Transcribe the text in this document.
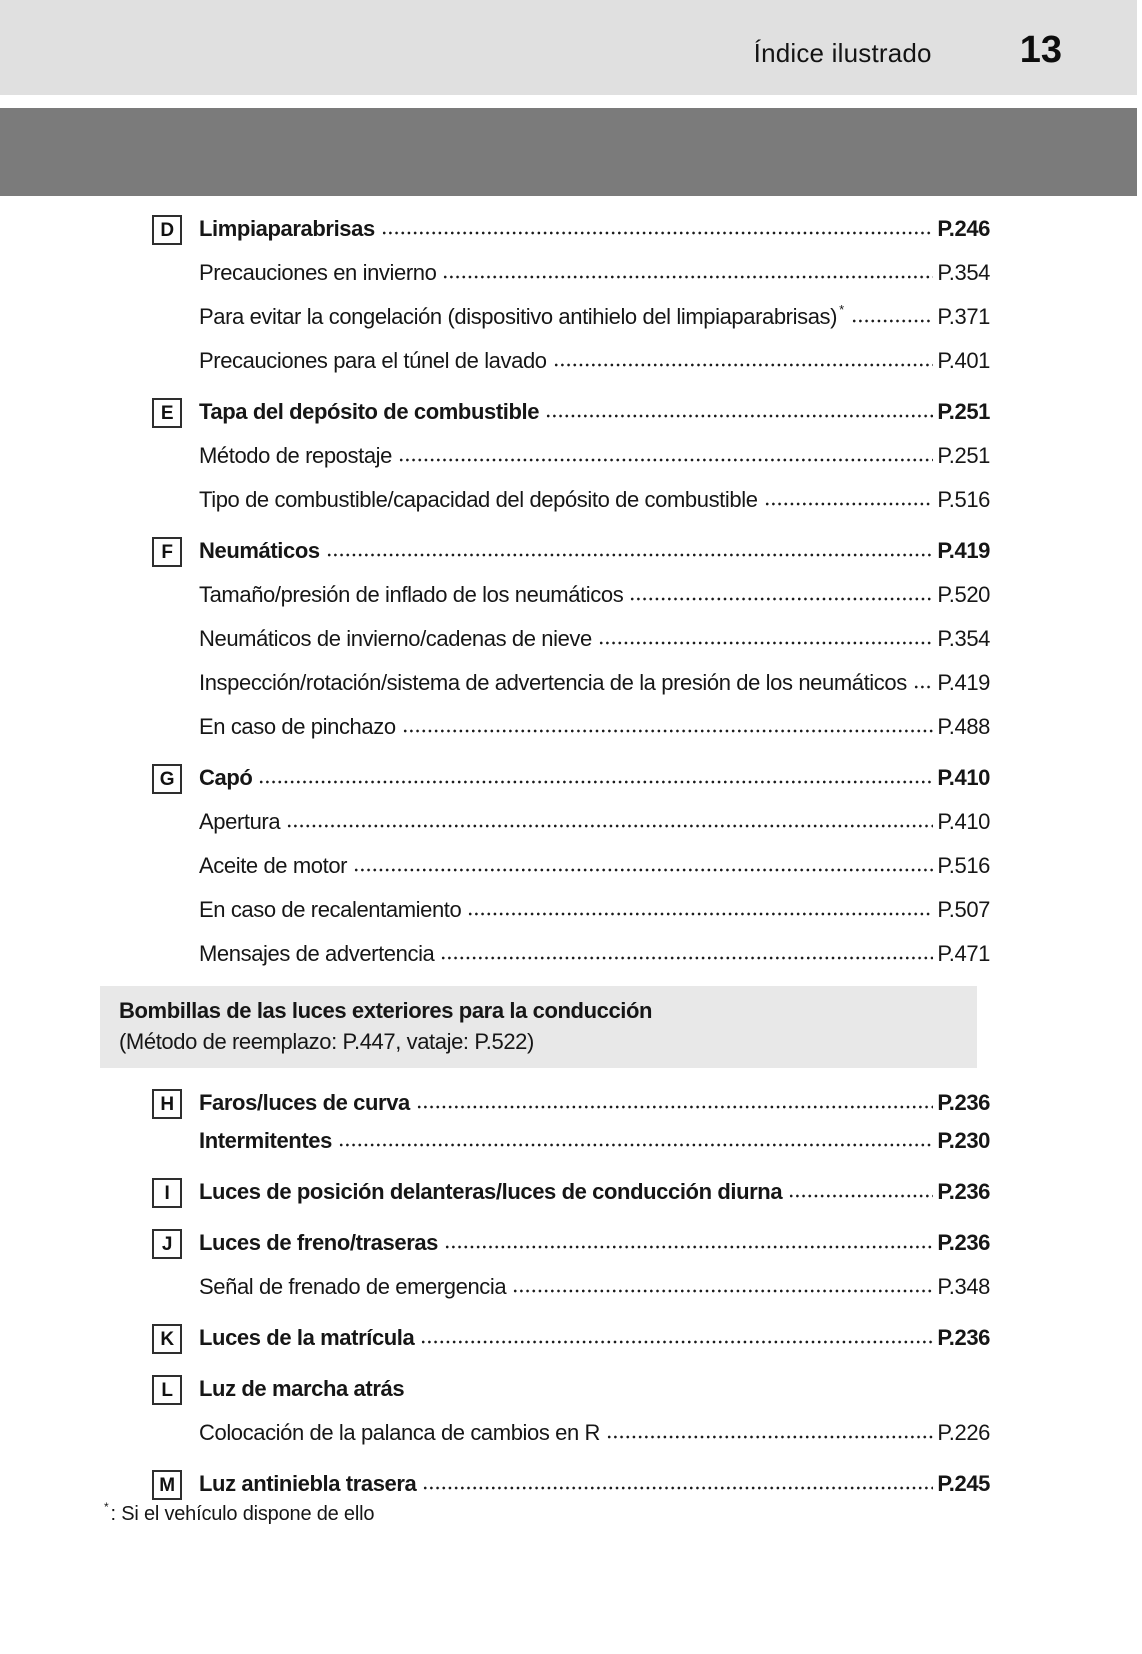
Índice ilustrado 13
D	Limpiaparabrisas	P.246
Precauciones en invierno	P.354
Para evitar la congelación (dispositivo antihielo del limpiaparabrisas)*	P.371
Precauciones para el túnel de lavado	P.401
E	Tapa del depósito de combustible	P.251
Método de repostaje	P.251
Tipo de combustible/capacidad del depósito de combustible	P.516
F	Neumáticos	P.419
Tamaño/presión de inflado de los neumáticos	P.520
Neumáticos de invierno/cadenas de nieve	P.354
Inspección/rotación/sistema de advertencia de la presión de los neumáticos P.419
En caso de pinchazo	P.488
G	Capó	P.410
Apertura	P.410
Aceite de motor	P.516
En caso de recalentamiento	P.507
Mensajes de advertencia	P.471
Bombillas de las luces exteriores para la conducción
(Método de reemplazo: P.447, vataje: P.522)
H	Faros/luces de curva	P.236
Intermitentes	P.230
I	Luces de posición delanteras/luces de conducción diurna	P.236
J	Luces de freno/traseras	P.236
Señal de frenado de emergencia	P.348
K	Luces de la matrícula	P.236
L	Luz de marcha atrás
Colocación de la palanca de cambios en R	P.226
M	Luz antiniebla trasera	P.245
* : Si el vehículo dispone de ello
